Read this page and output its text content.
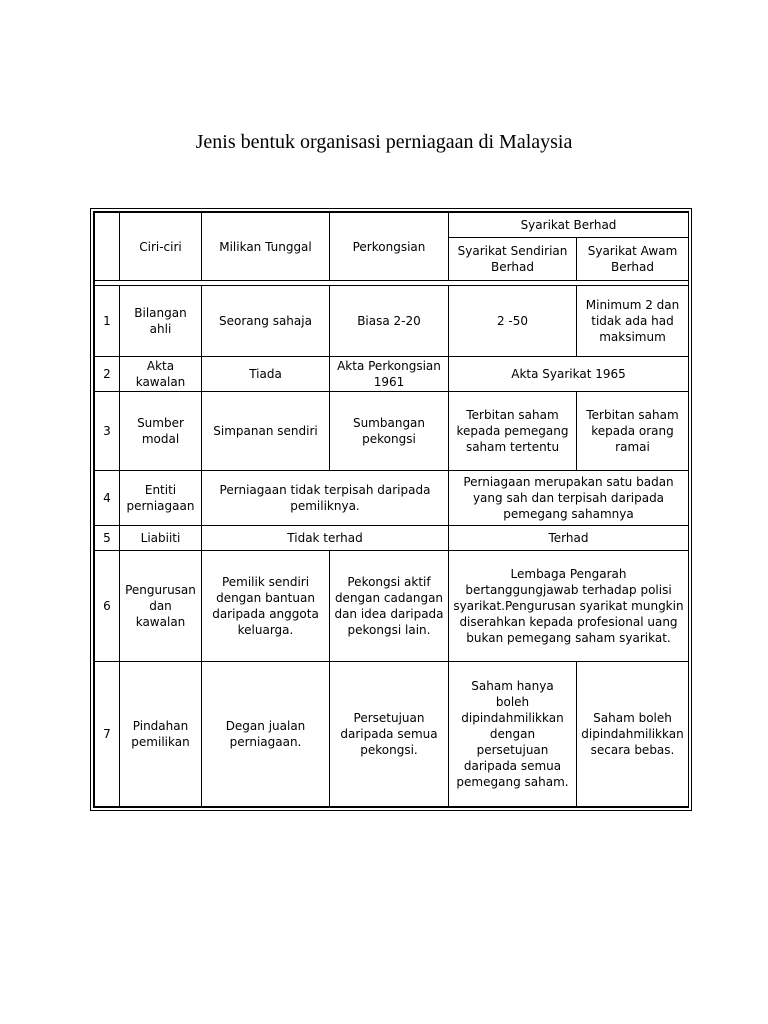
Jenis bentuk organisasi perniagaan di Malaysia
	Ciri-ciri	Milikan Tunggal	Perkongsian	Syarikat Berhad	
				Syarikat Sendirian Berhad	Syarikat Awam Berhad

1	Bilangan ahli	Seorang sahaja	Biasa 2-20	2 -50	Minimum 2 dan tidak ada had maksimum
2	Akta kawalan	Tiada	Akta Perkongsian 1961	Akta Syarikat 1965	
3	Sumber modal	Simpanan sendiri	Sumbangan pekongsi	Terbitan saham kepada pemegang saham tertentu	Terbitan saham kepada orang ramai
4	Entiti perniagaan	Perniagaan tidak terpisah daripada pemiliknya.		Perniagaan merupakan satu badan yang sah dan terpisah daripada pemegang sahamnya	
5	Liabiiti	Tidak terhad		Terhad	
6	Pengurusan dan kawalan	Pemilik sendiri dengan bantuan daripada anggota keluarga.	Pekongsi aktif dengan cadangan dan idea daripada pekongsi lain.	Lembaga Pengarah bertanggungjawab terhadap polisi syarikat.Pengurusan syarikat mungkin diserahkan kepada profesional uang bukan pemegang saham syarikat.	
7	Pindahan pemilikan	Degan jualan perniagaan.	Persetujuan daripada semua pekongsi.	Saham hanya boleh dipindahmilikkan dengan persetujuan daripada semua pemegang saham.	Saham boleh dipindahmilikkan secara bebas.
